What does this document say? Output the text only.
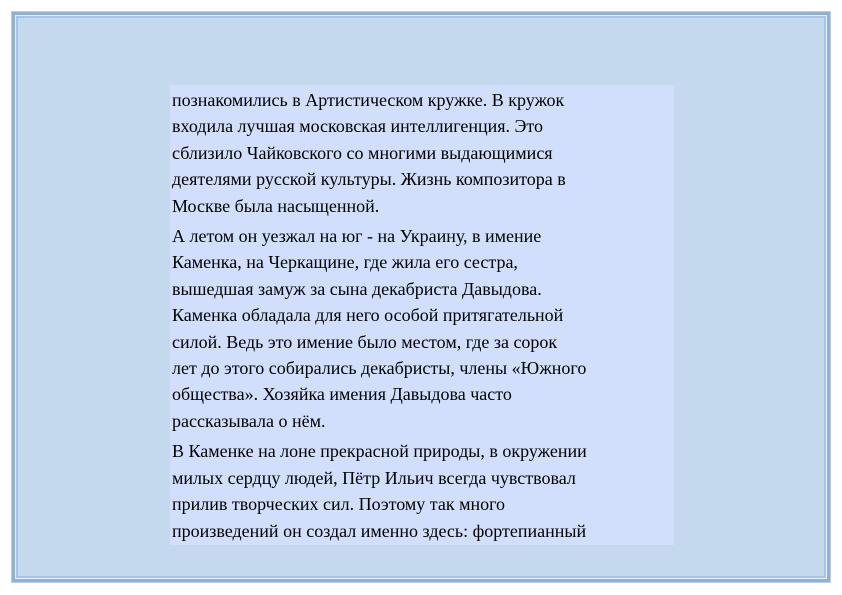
познакомились в Артистическом кружке. В кружок
входила лучшая московская интеллигенция. Это
сблизило Чайковского со многими выдающимися
деятелями русской культуры. Жизнь композитора в
Москве была насыщенной.

А летом он уезжал на юг - на Украину, в имение
Каменка, на Черкащине, где жила его сестра,
вышедшая замуж за сына декабриста Давыдова.
Каменка обладала для него особой притягательной
силой. Ведь это имение было местом, где за сорок
лет до этого собирались декабристы, члены «Южного
общества». Хозяйка имения Давыдова часто
рассказывала о нём.

В Каменке на лоне прекрасной природы, в окружении
милых сердцу людей, Пётр Ильич всегда чувствовал
прилив творческих сил. Поэтому так много
произведений он создал именно здесь: фортепианный
